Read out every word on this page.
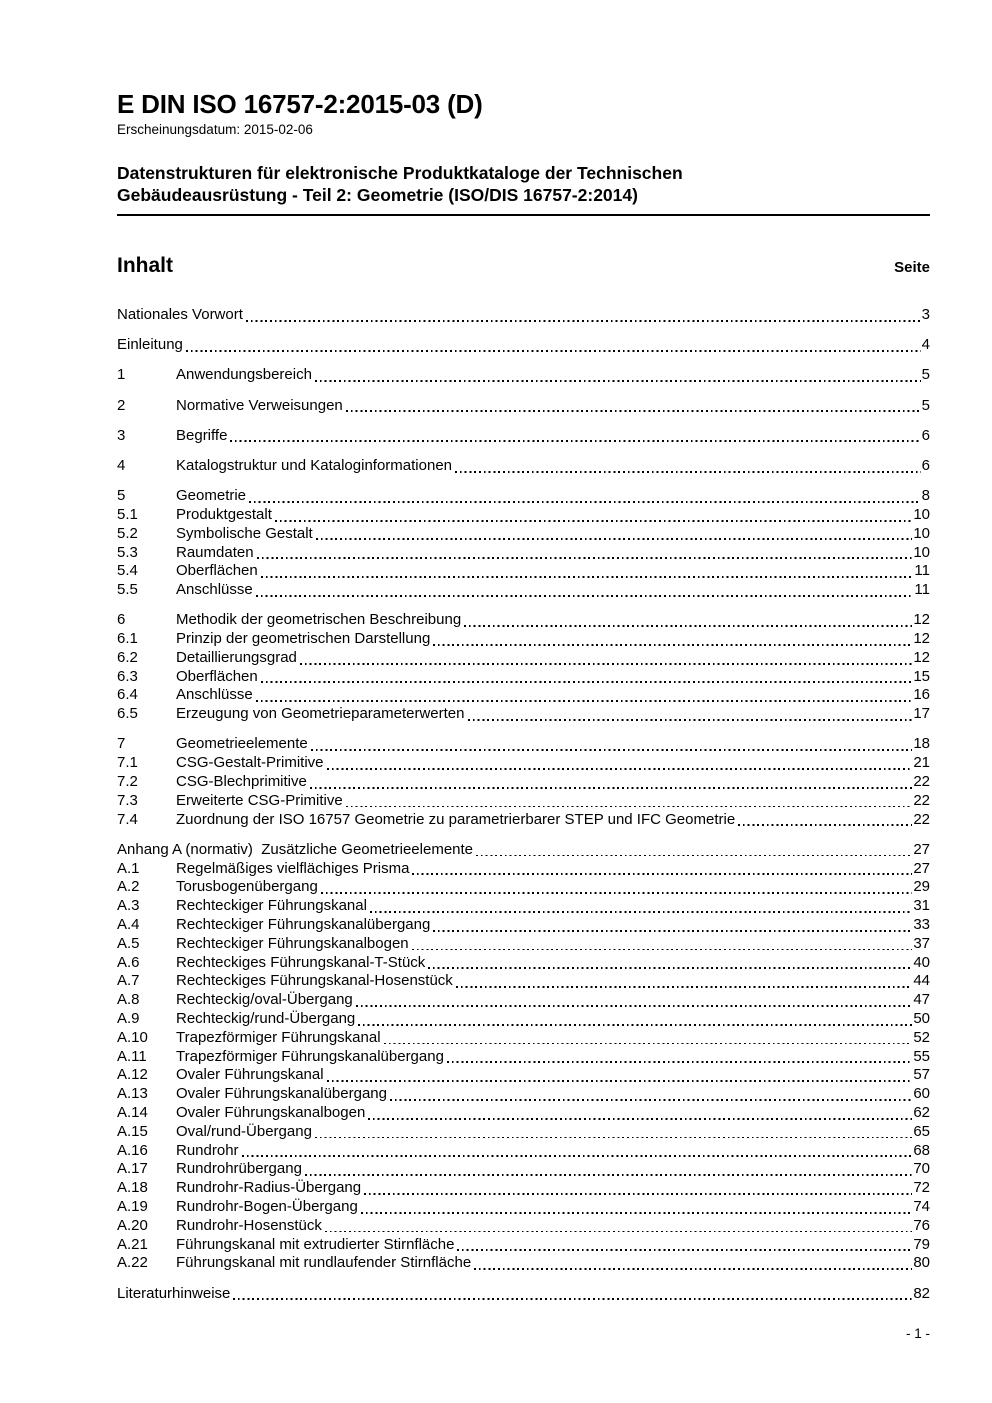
E DIN ISO 16757-2:2015-03 (D)
Erscheinungsdatum: 2015-02-06
Datenstrukturen für elektronische Produktkataloge der Technischen
Gebäudeausrüstung - Teil 2: Geometrie (ISO/DIS 16757-2:2014)
Inhalt	Seite
Nationales Vorwort	3
Einleitung	4
1	Anwendungsbereich	5
2	Normative Verweisungen	5
3	Begriffe	6
4	Katalogstruktur und Kataloginformationen	6
5	Geometrie	8
5.1	Produktgestalt	10
5.2	Symbolische Gestalt	10
5.3	Raumdaten	10
5.4	Oberflächen	11
5.5	Anschlüsse	11
6	Methodik der geometrischen Beschreibung	12
6.1	Prinzip der geometrischen Darstellung	12
6.2	Detaillierungsgrad	12
6.3	Oberflächen	15
6.4	Anschlüsse	16
6.5	Erzeugung von Geometrieparameterwerten	17
7	Geometrieelemente	18
7.1	CSG-Gestalt-Primitive	21
7.2	CSG-Blechprimitive	22
7.3	Erweiterte CSG-Primitive	22
7.4	Zuordnung der ISO 16757 Geometrie zu parametrierbarer STEP und IFC Geometrie	22
Anhang A (normativ)  Zusätzliche Geometrieelemente	27
A.1	Regelmäßiges vielflächiges Prisma	27
A.2	Torusbogenübergang	29
A.3	Rechteckiger Führungskanal	31
A.4	Rechteckiger Führungskanalübergang	33
A.5	Rechteckiger Führungskanalbogen	37
A.6	Rechteckiges Führungskanal-T-Stück	40
A.7	Rechteckiges Führungskanal-Hosenstück	44
A.8	Rechteckig/oval-Übergang	47
A.9	Rechteckig/rund-Übergang	50
A.10	Trapezförmiger Führungskanal	52
A.11	Trapezförmiger Führungskanalübergang	55
A.12	Ovaler Führungskanal	57
A.13	Ovaler Führungskanalübergang	60
A.14	Ovaler Führungskanalbogen	62
A.15	Oval/rund-Übergang	65
A.16	Rundrohr	68
A.17	Rundrohrübergang	70
A.18	Rundrohr-Radius-Übergang	72
A.19	Rundrohr-Bogen-Übergang	74
A.20	Rundrohr-Hosenstück	76
A.21	Führungskanal mit extrudierter Stirnfläche	79
A.22	Führungskanal mit rundlaufender Stirnfläche	80
Literaturhinweise	82
- 1 -
